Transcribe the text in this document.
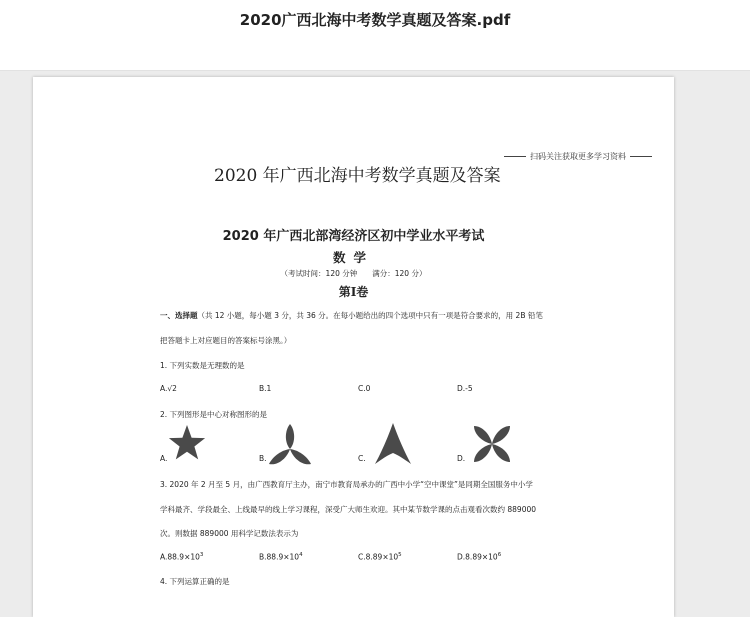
2020广西北海中考数学真题及答案.pdf
扫码关注获取更多学习资料
2020 年广西北海中考数学真题及答案
2020 年广西北部湾经济区初中学业水平考试
数学
（考试时间：120 分钟　　满分：120 分）
第Ⅰ卷
一、选择题（共 12 小题，每小题 3 分，共 36 分。在每小题给出的四个选项中只有一项是符合要求的，用 2B 铅笔
把答题卡上对应题目的答案标号涂黑。）
1. 下列实数是无理数的是
A.√2	B.1	C.0	D.-5
2. 下列图形是中心对称图形的是
A.	B.	C.	D.
3. 2020 年 2 月至 5 月，由广西教育厅主办，南宁市教育局承办的广西中小学“空中课堂”是同期全国服务中小学
学科最齐、学段最全、上线最早的线上学习课程，深受广大师生欢迎。其中某节数学课的点击观看次数约 889000
次。则数据 889000 用科学记数法表示为
$A.88.9\times 10^3$	$B.88.9\times 10^4$	$C.8.89\times 10^5$	$D.8.89\times 10^6$
4. 下列运算正确的是
